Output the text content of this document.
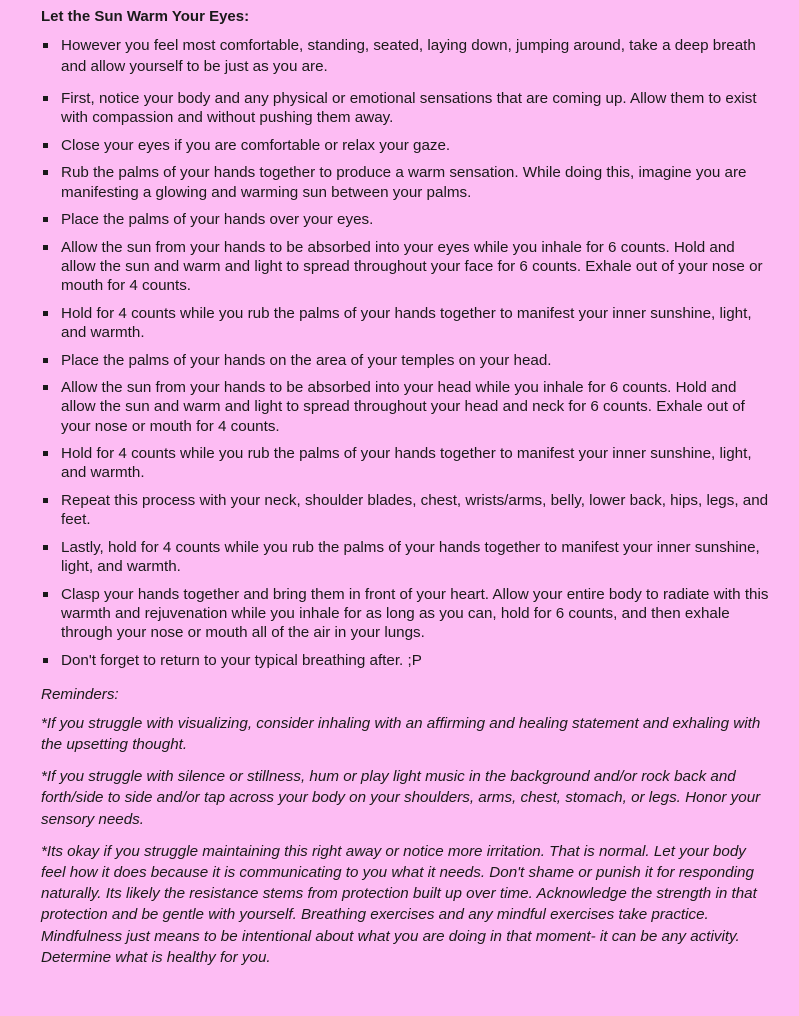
Let the Sun Warm Your Eyes:
However you feel most comfortable, standing, seated, laying down, jumping around, take a deep breath and allow yourself to be just as you are.
First, notice your body and any physical or emotional sensations that are coming up. Allow them to exist with compassion and without pushing them away.
Close your eyes if you are comfortable or relax your gaze.
Rub the palms of your hands together to produce a warm sensation. While doing this, imagine you are manifesting a glowing and warming sun between your palms.
Place the palms of your hands over your eyes.
Allow the sun from your hands to be absorbed into your eyes while you inhale for 6 counts. Hold and allow the sun and warm and light to spread throughout your face for 6 counts. Exhale out of your nose or mouth for 4 counts.
Hold for 4 counts while you rub the palms of your hands together to manifest your inner sunshine, light, and warmth.
Place the palms of your hands on the area of your temples on your head.
Allow the sun from your hands to be absorbed into your head while you inhale for 6 counts. Hold and allow the sun and warm and light to spread throughout your head and neck for 6 counts. Exhale out of your nose or mouth for 4 counts.
Hold for 4 counts while you rub the palms of your hands together to manifest your inner sunshine, light, and warmth.
Repeat this process with your neck, shoulder blades, chest, wrists/arms, belly, lower back, hips, legs, and feet.
Lastly, hold for 4 counts while you rub the palms of your hands together to manifest your inner sunshine, light, and warmth.
Clasp your hands together and bring them in front of your heart. Allow your entire body to radiate with this warmth and rejuvenation while you inhale for as long as you can, hold for 6 counts, and then exhale through your nose or mouth all of the air in your lungs.
Don't forget to return to your typical breathing after. ;P

Reminders:

*If you struggle with visualizing, consider inhaling with an affirming and healing statement and exhaling with the upsetting thought.

*If you struggle with silence or stillness, hum or play light music in the background and/or rock back and forth/side to side and/or tap across your body on your shoulders, arms, chest, stomach, or legs. Honor your sensory needs.

*Its okay if you struggle maintaining this right away or notice more irritation. That is normal. Let your body feel how it does because it is communicating to you what it needs. Don't shame or punish it for responding naturally. Its likely the resistance stems from protection built up over time. Acknowledge the strength in that protection and be gentle with yourself. Breathing exercises and any mindful exercises take practice. Mindfulness just means to be intentional about what you are doing in that moment- it can be any activity. Determine what is healthy for you.
